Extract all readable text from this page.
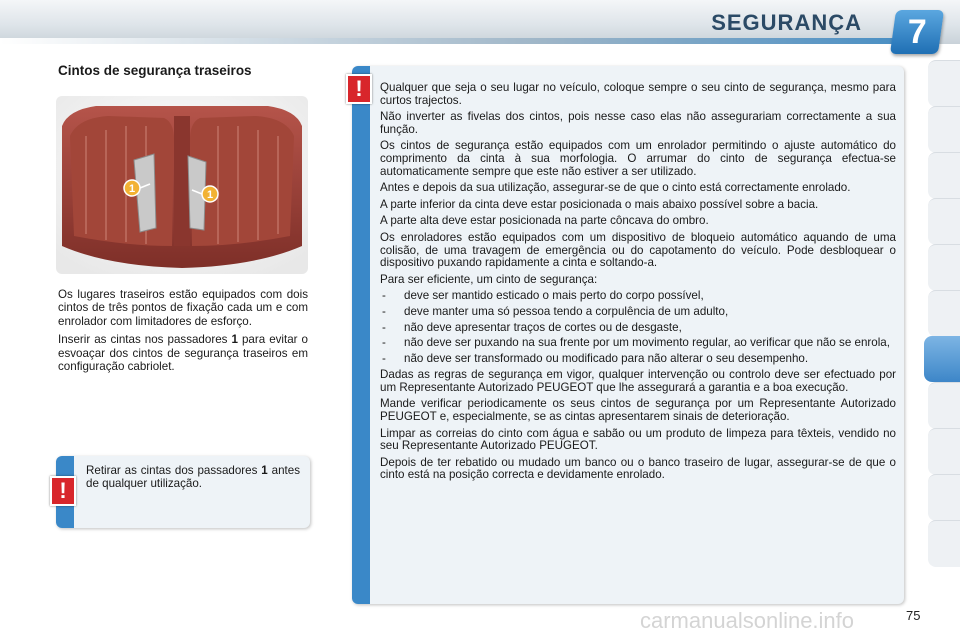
SEGURANÇA 7
Cintos de segurança traseiros
1	1

Os lugares traseiros estão equipados com dois cintos de três pontos de fixação cada um e com enrolador com limitadores de esforço.

Inserir as cintas nos passadores 1 para evitar o esvoaçar dos cintos de segurança traseiros em configuração cabriolet.

Retirar as cintas dos passadores 1 antes de qualquer utilização.
!

Qualquer que seja o seu lugar no veículo, coloque sempre o seu cinto de segurança, mesmo para curtos trajectos.

Não inverter as fivelas dos cintos, pois nesse caso elas não assegurariam correctamente a sua função.

Os cintos de segurança estão equipados com um enrolador permitindo o ajuste automático do comprimento da cinta à sua morfologia. O arrumar do cinto de segurança efectua-se automaticamente sempre que este não estiver a ser utilizado.

Antes e depois da sua utilização, assegurar-se de que o cinto está correctamente enrolado.

A parte inferior da cinta deve estar posicionada o mais abaixo possível sobre a bacia.

A parte alta deve estar posicionada na parte côncava do ombro.

Os enroladores estão equipados com um dispositivo de bloqueio automático aquando de uma colisão, de uma travagem de emergência ou do capotamento do veículo. Pode desbloquear o dispositivo puxando rapidamente a cinta e soltando-a.

Para ser eficiente, um cinto de segurança:

- deve ser mantido esticado o mais perto do corpo possível,
- deve manter uma só pessoa tendo a corpulência de um adulto,
- não deve apresentar traços de cortes ou de desgaste,
- não deve ser puxando na sua frente por um movimento regular, ao verificar que não se enrola,
- não deve ser transformado ou modificado para não alterar o seu desempenho.

Dadas as regras de segurança em vigor, qualquer intervenção ou controlo deve ser efectuado por um Representante Autorizado PEUGEOT que lhe assegurará a garantia e a boa execução.

Mande verificar periodicamente os seus cintos de segurança por um Representante Autorizado PEUGEOT e, especialmente, se as cintas apresentarem sinais de deterioração.

Limpar as correias do cinto com água e sabão ou um produto de limpeza para têxteis, vendido no seu Representante Autorizado PEUGEOT.

Depois de ter rebatido ou mudado um banco ou o banco traseiro de lugar, assegurar-se de que o cinto está na posição correcta e devidamente enrolado.

!
carmanualsonline.info	75
